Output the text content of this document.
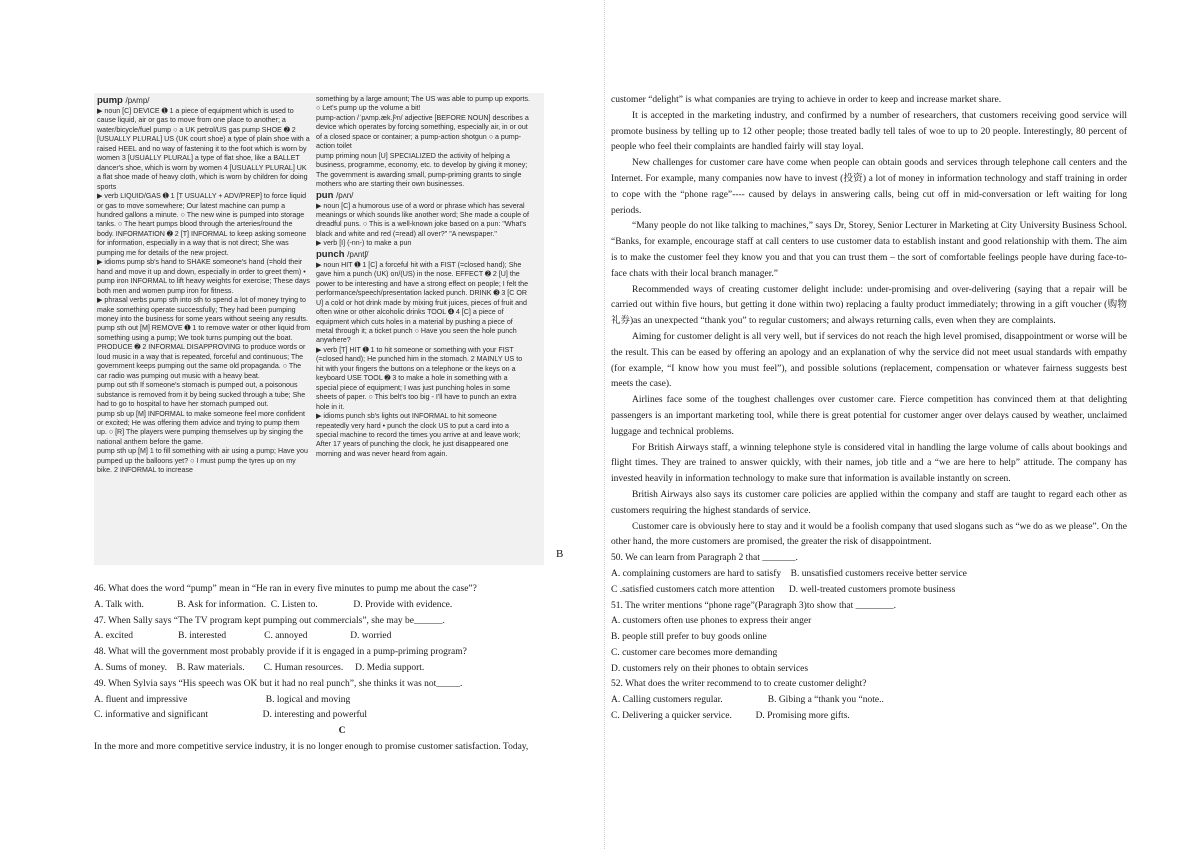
pump /pʌmp/

▶ noun [C] DEVICE ➊ 1 a piece of equipment which is used to cause liquid, air or gas to move from one place to another; a water/bicycle/fuel pump ○ a UK petrol/US gas pump SHOE ➋ 2 [USUALLY PLURAL] US (UK court shoe) a type of plain shoe with a raised HEEL and no way of fastening it to the foot which is worn by women 3 [USUALLY PLURAL] a type of flat shoe, like a BALLET dancer's shoe, which is worn by women 4 [USUALLY PLURAL] UK a flat shoe made of heavy cloth, which is worn by children for doing sports

▶ verb LIQUID/GAS ➊ 1 [T USUALLY + ADV/PREP] to force liquid or gas to move somewhere; Our latest machine can pump a hundred gallons a minute. ○ The new wine is pumped into storage tanks. ○ The heart pumps blood through the arteries/round the body. INFORMATION ➋ 2 [T] INFORMAL to keep asking someone for information, especially in a way that is not direct; She was pumping me for details of the new project.

▶ idioms pump sb's hand to SHAKE someone's hand (=hold their hand and move it up and down, especially in order to greet them) • pump iron INFORMAL to lift heavy weights for exercise; These days both men and women pump iron for fitness.

▶ phrasal verbs pump sth into sth to spend a lot of money trying to make something operate successfully; They had been pumping money into the business for some years without seeing any results.

pump sth out [M] REMOVE ➊ 1 to remove water or other liquid from something using a pump; We took turns pumping out the boat. PRODUCE ➋ 2 INFORMAL DISAPPROVING to produce words or loud music in a way that is repeated, forceful and continuous; The government keeps pumping out the same old propaganda. ○ The car radio was pumping out music with a heavy beat.

pump out sth If someone's stomach is pumped out, a poisonous substance is removed from it by being sucked through a tube; She had to go to hospital to have her stomach pumped out.

pump sb up [M] INFORMAL to make someone feel more confident or excited; He was offering them advice and trying to pump them up. ○ [R] The players were pumping themselves up by singing the national anthem before the game.

pump sth up [M] 1 to fill something with air using a pump; Have you pumped up the balloons yet? ○ I must pump the tyres up on my bike. 2 INFORMAL to increase

something by a large amount; The US was able to pump up exports. ○ Let's pump up the volume a bit!

pump-action /ˈpʌmp.æk.ʃᵊn/ adjective [BEFORE NOUN] describes a device which operates by forcing something, especially air, in or out of a closed space or container; a pump-action shotgun ○ a pump-action toilet

pump priming noun [U] SPECIALIZED the activity of helping a business, programme, economy, etc. to develop by giving it money; The government is awarding small, pump-priming grants to single mothers who are starting their own businesses.

pun /pʌn/

▶ noun [C] a humorous use of a word or phrase which has several meanings or which sounds like another word; She made a couple of dreadful puns. ○ This is a well-known joke based on a pun: "What's black and white and red (=read) all over?" "A newspaper."

▶ verb [I] (-nn-) to make a pun

punch /pʌntʃ/

▶ noun HIT ➊ 1 [C] a forceful hit with a FIST (=closed hand); She gave him a punch (UK) on/(US) in the nose. EFFECT ➋ 2 [U] the power to be interesting and have a strong effect on people; I felt the performance/speech/presentation lacked punch. DRINK ➌ 3 [C OR U] a cold or hot drink made by mixing fruit juices, pieces of fruit and often wine or other alcoholic drinks TOOL ➍ 4 [C] a piece of equipment which cuts holes in a material by pushing a piece of metal through it; a ticket punch ○ Have you seen the hole punch anywhere?

▶ verb [T] HIT ➊ 1 to hit someone or something with your FIST (=closed hand); He punched him in the stomach. 2 MAINLY US to hit with your fingers the buttons on a telephone or the keys on a keyboard USE TOOL ➋ 3 to make a hole in something with a special piece of equipment; I was just punching holes in some sheets of paper. ○ This belt's too big - I'll have to punch an extra hole in it.

▶ idioms punch sb's lights out INFORMAL to hit someone repeatedly very hard • punch the clock US to put a card into a special machine to record the times you arrive at and leave work; After 17 years of punching the clock, he just disappeared one morning and was never heard from again.

B

46. What does the word “pump” mean in “He ran in every five minutes to pump me about the case”?

A. Talk with.              B. Ask for information.  C. Listen to.               D. Provide with evidence.

47. When Sally says “The TV program kept pumping out commercials”, she may be______.

A. excited                   B. interested                C. annoyed                  D. worried

48. What will the government most probably provide if it is engaged in a pump-priming program?

A. Sums of money.    B. Raw materials.        C. Human resources.     D. Media support.

49. When Sylvia says “His speech was OK but it had no real punch”, she thinks it was not_____.

A. fluent and impressive                                 B. logical and moving

C. informative and significant                       D. interesting and powerful

C

In the more and more competitive service industry, it is no longer enough to promise customer satisfaction. Today,

customer “delight” is what companies are trying to achieve in order to keep and increase market share.

It is accepted in the marketing industry, and confirmed by a number of researchers, that customers receiving good service will promote business by telling up to 12 other people; those treated badly tell tales of woe to up to 20 people. Interestingly, 80 percent of people who feel their complaints are handled fairly will stay loyal.

New challenges for customer care have come when people can obtain goods and services through telephone call centers and the Internet. For example, many companies now have to invest (投资) a lot of money in information technology and staff training in order to cope with the “phone rage”---- caused by delays in answering calls, being cut off in mid-conversation or left waiting for long periods.

“Many people do not like talking to machines,” says Dr, Storey, Senior Lecturer in Marketing at City University Business School. “Banks, for example, encourage staff at call centers to use customer data to establish instant and good relationship with them. The aim is to make the customer feel they know you and that you can trust them – the sort of comfortable feelings people have during face-to-face chats with their local branch manager.”

Recommended ways of creating customer delight include: under-promising and over-delivering (saying that a repair will be carried out within five hours, but getting it done within two) replacing a faulty product immediately; throwing in a gift voucher (购物礼券)as an unexpected “thank you” to regular customers; and always returning calls, even when they are complaints.

Aiming for customer delight is all very well, but if services do not reach the high level promised, disappointment or worse will be the result. This can be eased by offering an apology and an explanation of why the service did not meet usual standards with empathy (for example, “I know how you must feel”), and possible solutions (replacement, compensation or whatever fairness suggests best meets the case).

Airlines face some of the toughest challenges over customer care. Fierce competition has convinced them at that delighting passengers is an important marketing tool, while there is great potential for customer anger over delays caused by weather, unclaimed luggage and technical problems.

For British Airways staff, a winning telephone style is considered vital in handling the large volume of calls about bookings and flight times. They are trained to answer quickly, with their names, job title and a “we are here to help” attitude. The company has invested heavily in information technology to make sure that information is available instantly on screen.

British Airways also says its customer care policies are applied within the company and staff are taught to regard each other as customers requiring the highest standards of service.

Customer care is obviously here to stay and it would be a foolish company that used slogans such as “we do as we please”. On the other hand, the more customers are promised, the greater the risk of disappointment.

50. We can learn from Paragraph 2 that _______.

A. complaining customers are hard to satisfy    B. unsatisfied customers receive better service

C .satisfied customers catch more attention      D. well-treated customers promote business

51. The writer mentions “phone rage”(Paragraph 3)to show that ________.

A. customers often use phones to express their anger

B. people still prefer to buy goods online

C. customer care becomes more demanding

D. customers rely on their phones to obtain services

52. What does the writer recommend to to create customer delight?

A. Calling customers regular.                   B. Gibing a “thank you “note..

C. Delivering a quicker service.          D. Promising more gifts.
